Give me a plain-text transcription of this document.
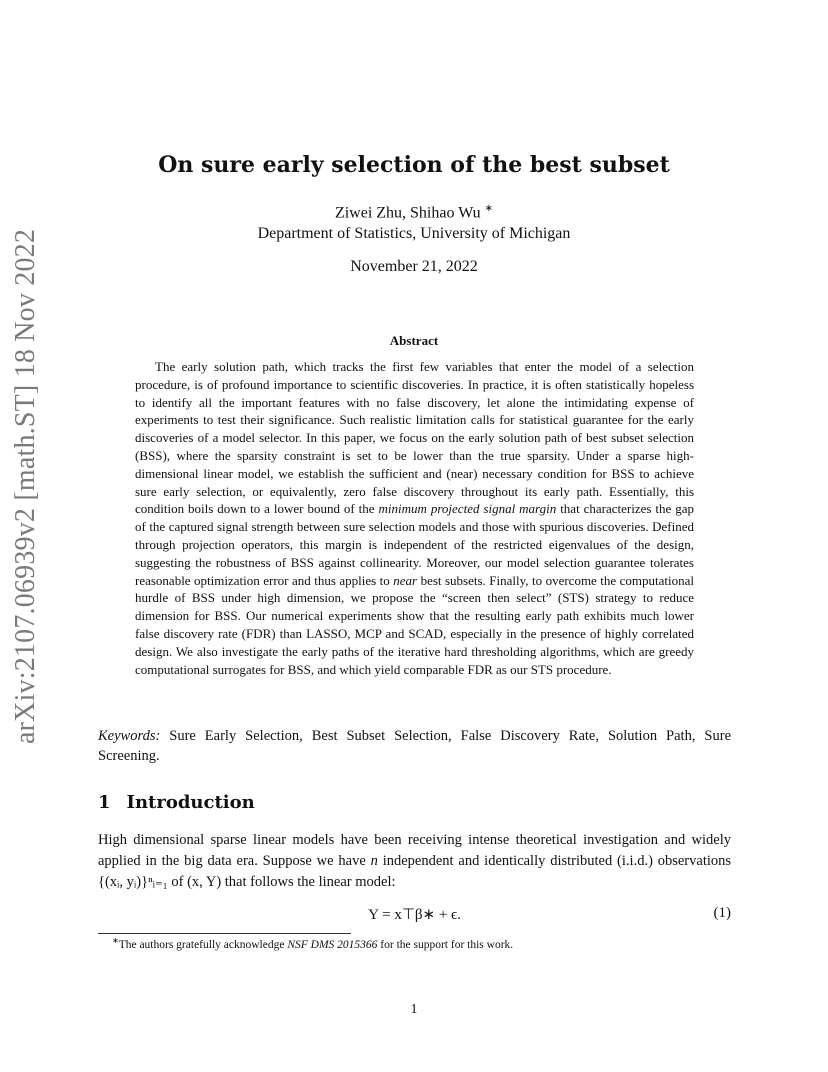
arXiv:2107.06939v2 [math.ST] 18 Nov 2022
On sure early selection of the best subset
Ziwei Zhu, Shihao Wu ∗
Department of Statistics, University of Michigan
November 21, 2022
Abstract

The early solution path, which tracks the first few variables that enter the model of a selection procedure, is of profound importance to scientific discoveries. In practice, it is often statistically hopeless to identify all the important features with no false discovery, let alone the intimidating expense of experiments to test their significance. Such realistic limitation calls for statistical guarantee for the early discoveries of a model selector. In this paper, we focus on the early solution path of best subset selection (BSS), where the sparsity constraint is set to be lower than the true sparsity. Under a sparse high-dimensional linear model, we establish the sufficient and (near) necessary condition for BSS to achieve sure early selection, or equivalently, zero false discovery throughout its early path. Essentially, this condition boils down to a lower bound of the minimum projected signal margin that characterizes the gap of the captured signal strength between sure selection models and those with spurious discoveries. Defined through projection operators, this margin is independent of the restricted eigenvalues of the design, suggesting the robustness of BSS against collinearity. Moreover, our model selection guarantee tolerates reasonable optimization error and thus applies to near best subsets. Finally, to overcome the computational hurdle of BSS under high dimension, we propose the “screen then select” (STS) strategy to reduce dimension for BSS. Our numerical experiments show that the resulting early path exhibits much lower false discovery rate (FDR) than LASSO, MCP and SCAD, especially in the presence of highly correlated design. We also investigate the early paths of the iterative hard thresholding algorithms, which are greedy computational surrogates for BSS, and which yield comparable FDR as our STS procedure.

Keywords: Sure Early Selection, Best Subset Selection, False Discovery Rate, Solution Path, Sure Screening.

1 Introduction

High dimensional sparse linear models have been receiving intense theoretical investigation and widely applied in the big data era. Suppose we have n independent and identically distributed (i.i.d.) observations {(xᵢ, yᵢ)}ⁿᵢ₌₁ of (x, Y) that follows the linear model:

Y = x⊤β∗ + ϵ.	(1)
∗The authors gratefully acknowledge NSF DMS 2015366 for the support for this work.
1
